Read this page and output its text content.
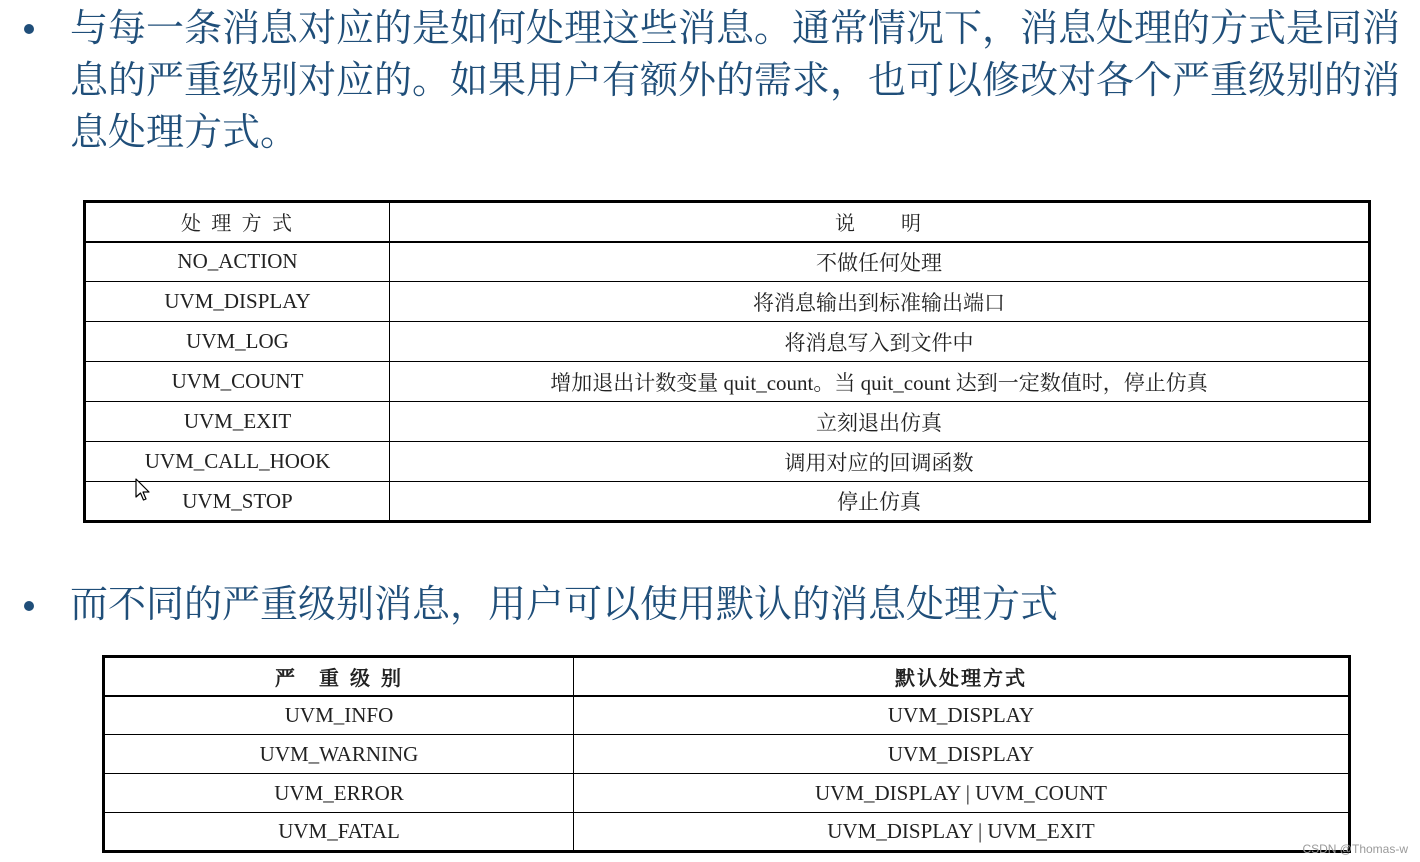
与每一条消息对应的是如何处理这些消息。通常情况下，消息处理的方式是同消息的严重级别对应的。如果用户有额外的需求，也可以修改对各个严重级别的消息处理方式。
处 理 方 式	说　　明
NO_ACTION	不做任何处理
UVM_DISPLAY	将消息输出到标准输出端口
UVM_LOG	将消息写入到文件中
UVM_COUNT	增加退出计数变量 quit_count。当 quit_count 达到一定数值时，停止仿真
UVM_EXIT	立刻退出仿真
UVM_CALL_HOOK	调用对应的回调函数
UVM_STOP	停止仿真
而不同的严重级别消息，用户可以使用默认的消息处理方式
严　重 级 别	默认处理方式
UVM_INFO	UVM_DISPLAY
UVM_WARNING	UVM_DISPLAY
UVM_ERROR	UVM_DISPLAY | UVM_COUNT
UVM_FATAL	UVM_DISPLAY | UVM_EXIT
CSDN @Thomas-w
